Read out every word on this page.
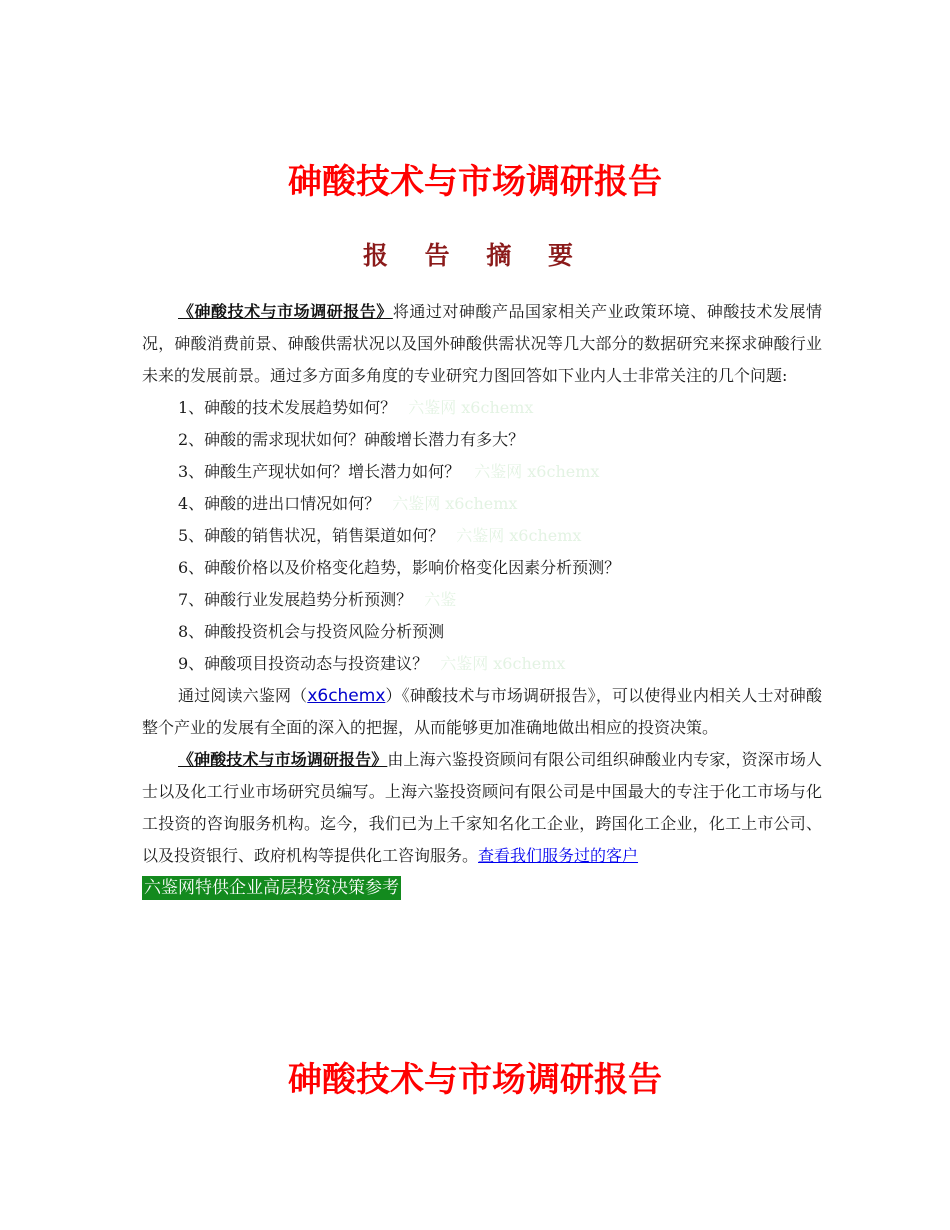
砷酸技术与市场调研报告
报 告 摘 要

《砷酸技术与市场调研报告》将通过对砷酸产品国家相关产业政策环境、砷酸技术发展情况，砷酸消费前景、砷酸供需状况以及国外砷酸供需状况等几大部分的数据研究来探求砷酸行业未来的发展前景。通过多方面多角度的专业研究力图回答如下业内人士非常关注的几个问题:

1、砷酸的技术发展趋势如何？ 六鉴网 x6chemx

2、砷酸的需求现状如何？砷酸增长潜力有多大？

3、砷酸生产现状如何？增长潜力如何？ 六鉴网 x6chemx

4、砷酸的进出口情况如何？ 六鉴网 x6chemx

5、砷酸的销售状况，销售渠道如何？ 六鉴网 x6chemx

6、砷酸价格以及价格变化趋势，影响价格变化因素分析预测？

7、砷酸行业发展趋势分析预测？ 六鉴

8、砷酸投资机会与投资风险分析预测

9、砷酸项目投资动态与投资建议？ 六鉴网 x6chemx

通过阅读六鉴网（x6chemx）《砷酸技术与市场调研报告》，可以使得业内相关人士对砷酸整个产业的发展有全面的深入的把握，从而能够更加准确地做出相应的投资决策。

《砷酸技术与市场调研报告》由上海六鉴投资顾问有限公司组织砷酸业内专家，资深市场人士以及化工行业市场研究员编写。上海六鉴投资顾问有限公司是中国最大的专注于化工市场与化工投资的咨询服务机构。迄今，我们已为上千家知名化工企业，跨国化工企业，化工上市公司、以及投资银行、政府机构等提供化工咨询服务。查看我们服务过的客户

六鉴网特供企业高层投资决策参考
砷酸技术与市场调研报告
